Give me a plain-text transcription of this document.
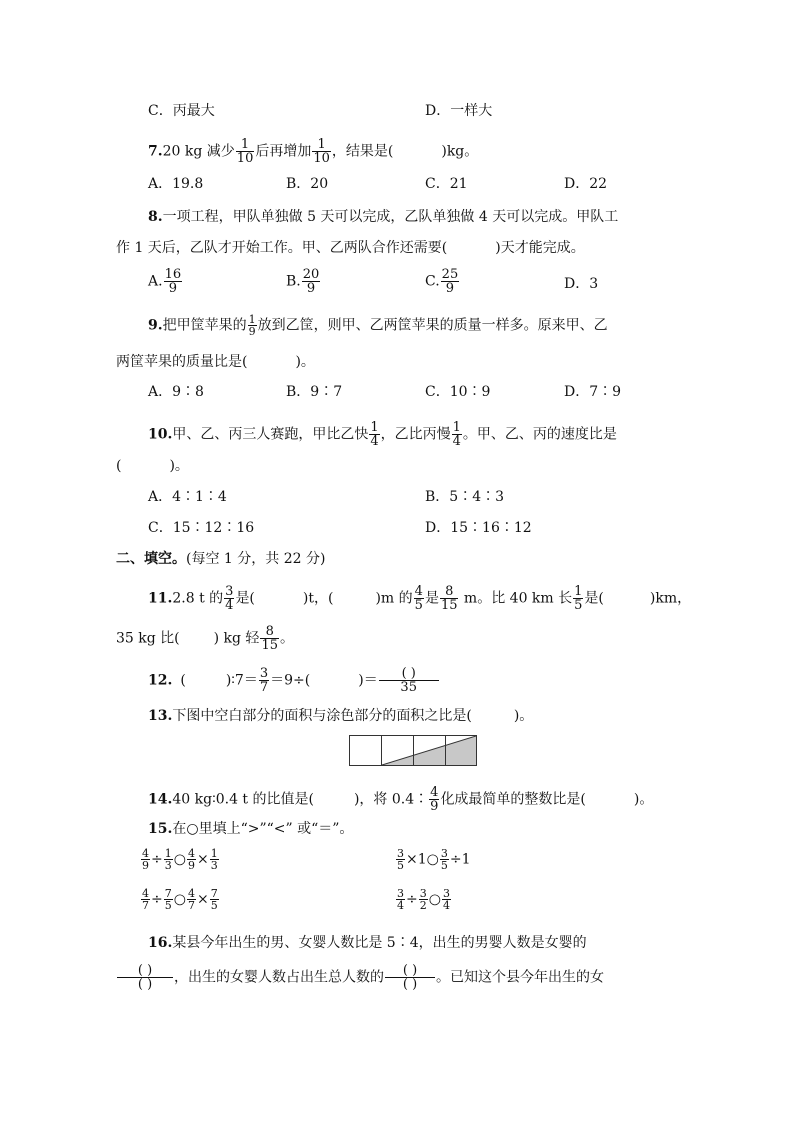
C．丙最大	D．一样大
7.20 kg 减少 $\frac{1}{10}$ 后再增加 $\frac{1}{10}$ ，结果是(	)kg。
A．19.8	B．20	C．21	D．22
8.一项工程，甲队单独做 5 天可以完成，乙队单独做 4 天可以完成。甲队工
作 1 天后，乙队才开始工作。甲、乙两队合作还需要(	)天才能完成。
A. $\frac{16}{9}$	B. $\frac{20}{9}$	C. $\frac{25}{9}$	D．3
9.把甲筐苹果的 $\frac{1}{9}$ 放到乙筐，则甲、乙两筐苹果的质量一样多。原来甲、乙
两筐苹果的质量比是(	)。
A．9∶8	B．9∶7	C．10∶9	D．7∶9
10.甲、乙、丙三人赛跑，甲比乙快 $\frac{1}{4}$ ，乙比丙慢 $\frac{1}{4}$ 。甲、乙、丙的速度比是
(	)。
A．4∶1∶4	B．5∶4∶3
C．15∶12∶16	D．15∶16∶12
二、填空。(每空 1 分，共 22 分)
11.2.8 t 的 $\frac{3}{4}$ 是(	)t，(	)m 的 $\frac{4}{5}$ 是 $\frac{8}{15}$ m。比 40 km 长 $\frac{1}{5}$ 是(	)km，
35 kg 比( ) kg 轻 $\frac{8}{15}$ 。
12. (	)∶7＝ $\frac{3}{7} =9\div$(	)＝	( )
35
13.下图中空白部分的面积与涂色部分的面积之比是(	)。
14.40 kg∶0.4 t 的比值是(	)，将 0.4∶ $\frac{4}{9}$ 化成最简单的整数比是(	)。
15.在○里填上“>”“<” 或“＝”。
$\frac{4}{9} \div \frac{1}{3}$ ○ $\frac{4}{9} \times \frac{1}{3}$	$\frac{3}{5}$ ×1○ $\frac{3}{5} \div 1$
$\frac{4}{7} \div \frac{7}{5}$ ○ $\frac{4}{7} \times \frac{7}{5}$	$\frac{3}{4} \div \frac{3}{2}$ ○ $\frac{3}{4}$
16.某县今年出生的男、女婴人数比是 5∶4，出生的男婴人数是女婴的
( )
( )	，出生的女婴人数占出生总人数的	( )
( )	。已知这个县今年出生的女
